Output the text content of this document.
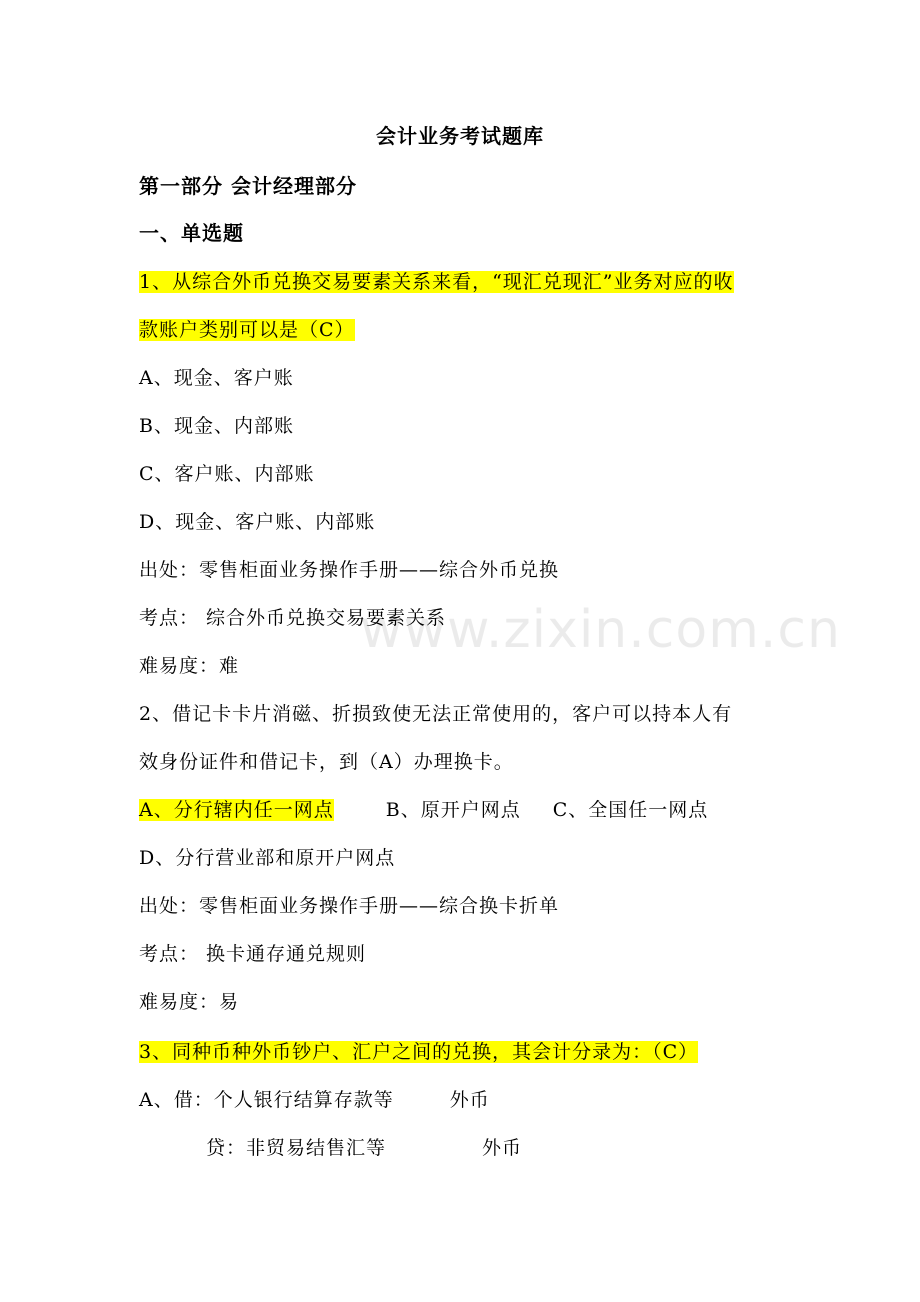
www.zixin.com.cn
会计业务考试题库
第一部分 会计经理部分
一、单选题
1、从综合外币兑换交易要素关系来看，“现汇兑现汇”业务对应的收
款账户类别可以是（C）
A、现金、客户账
B、现金、内部账
C、客户账、内部账
D、现金、客户账、内部账
出处：零售柜面业务操作手册——综合外币兑换
考点： 综合外币兑换交易要素关系
难易度：难
2、借记卡卡片消磁、折损致使无法正常使用的，客户可以持本人有
效身份证件和借记卡，到（A）办理换卡。
A、分行辖内任一网点	B、原开户网点 C、全国任一网点
D、分行营业部和原开户网点
出处：零售柜面业务操作手册——综合换卡折单
考点： 换卡通存通兑规则
难易度：易
3、同种币种外币钞户、汇户之间的兑换，其会计分录为：（C）
A、借：个人银行结算存款等	外币
贷：非贸易结售汇等	外币
